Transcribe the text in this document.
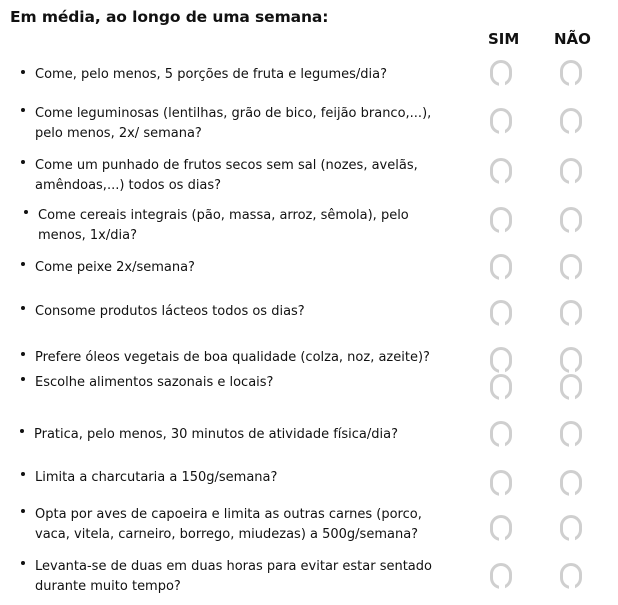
Em média, ao longo de uma semana:
SIM NÃO
Come, pelo menos, 5 porções de fruta e legumes/dia?
Come leguminosas (lentilhas, grão de bico, feijão branco,...),
pelo menos, 2x/ semana?
Come um punhado de frutos secos sem sal (nozes, avelãs,
amêndoas,...) todos os dias?
Come cereais integrais (pão, massa, arroz, sêmola), pelo
menos, 1x/dia?
Come peixe 2x/semana?
Consome produtos lácteos todos os dias?
Prefere óleos vegetais de boa qualidade (colza, noz, azeite)?
Escolhe alimentos sazonais e locais?
Pratica, pelo menos, 30 minutos de atividade física/dia?
Limita a charcutaria a 150g/semana?
Opta por aves de capoeira e limita as outras carnes (porco,
vaca, vitela, carneiro, borrego, miudezas) a 500g/semana?
Levanta-se de duas em duas horas para evitar estar sentado
durante muito tempo?
